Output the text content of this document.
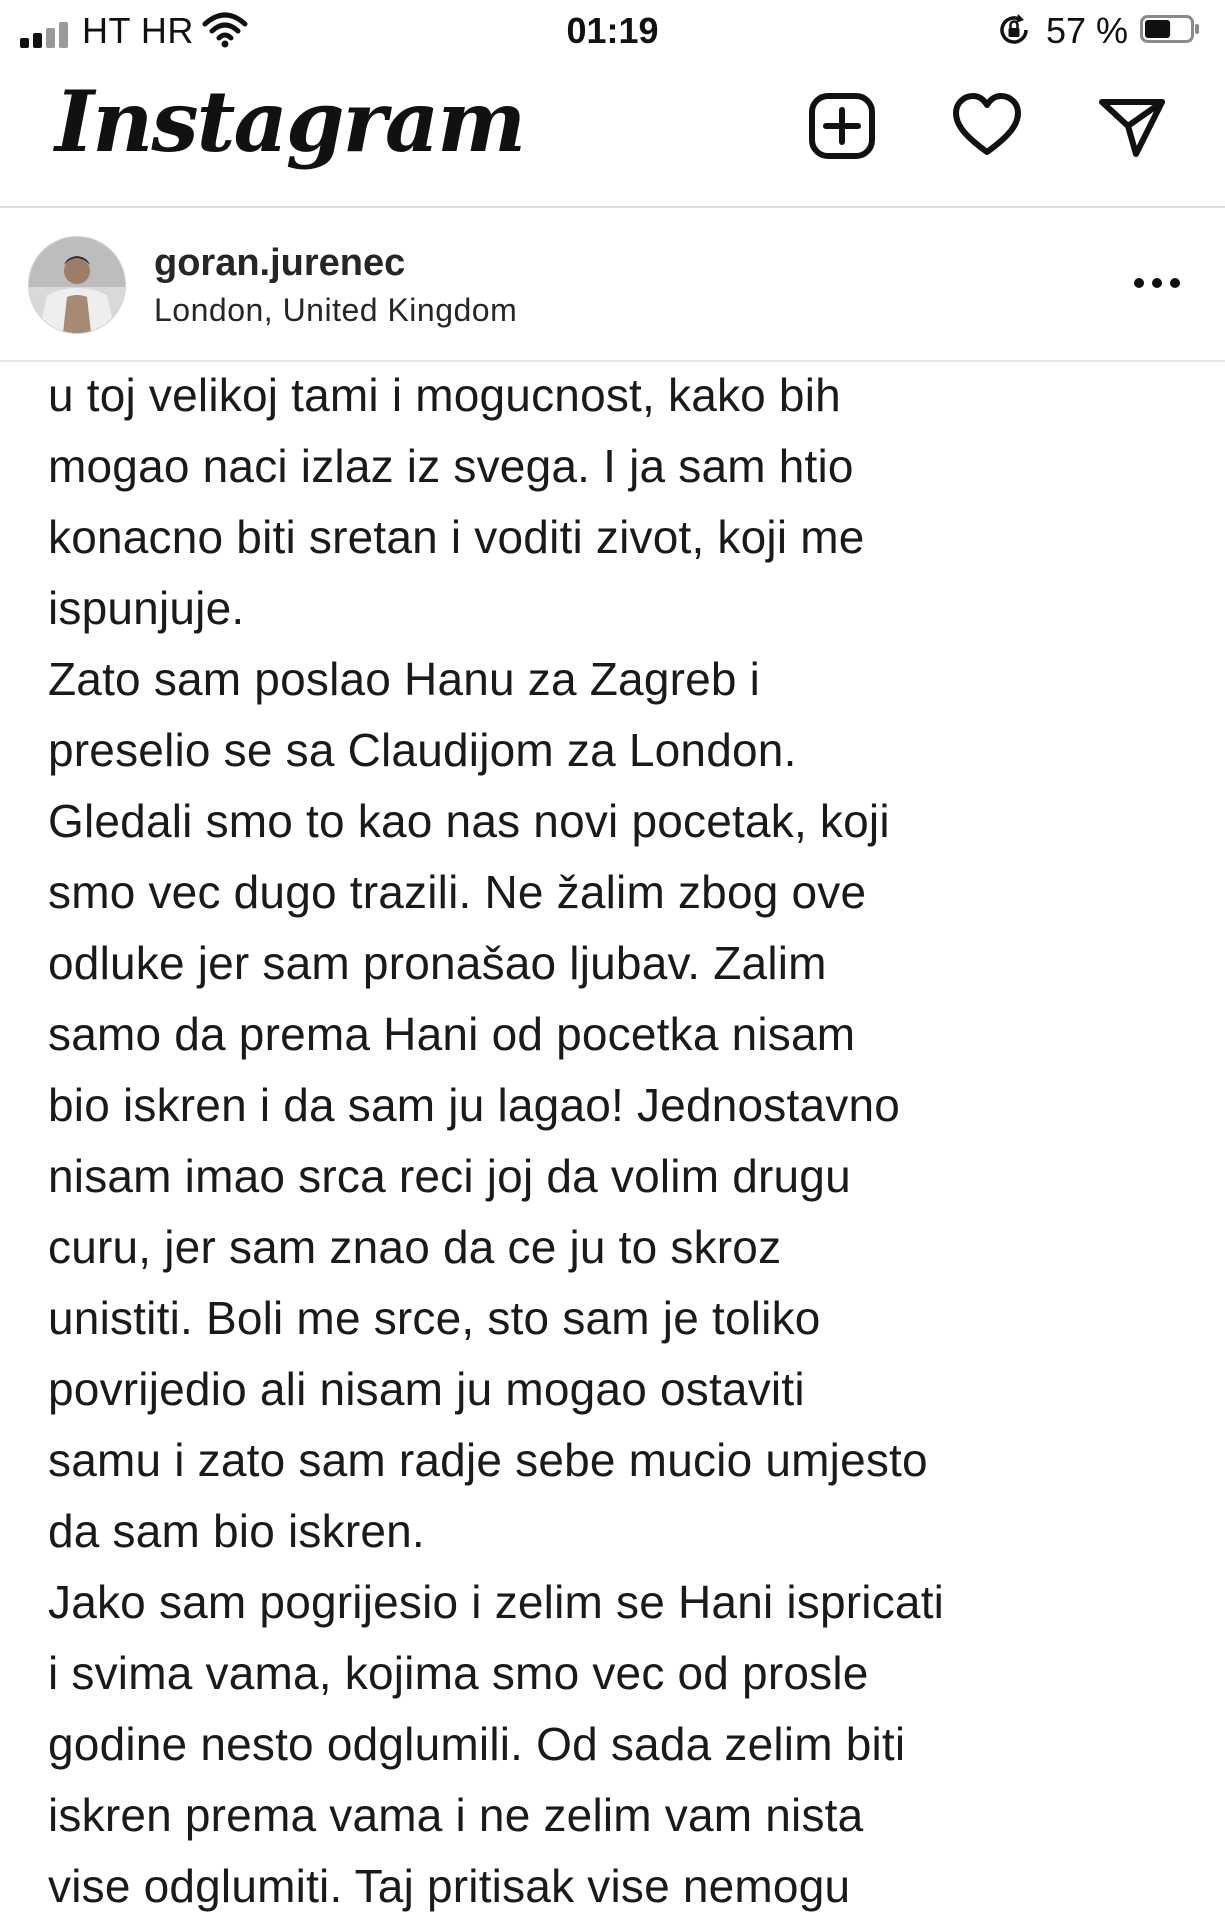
HT HR	01:19	57 %
Instagram
goran.jurenec
London, United Kingdom
u toj velikoj tami i mogucnost, kako bih
mogao naci izlaz iz svega. I ja sam htio
konacno biti sretan i voditi zivot, koji me
ispunjuje.
Zato sam poslao Hanu za Zagreb i
preselio se sa Claudijom za London.
Gledali smo to kao nas novi pocetak, koji
smo vec dugo trazili. Ne žalim zbog ove
odluke jer sam pronašao ljubav. Zalim
samo da prema Hani od pocetka nisam
bio iskren i da sam ju lagao! Jednostavno
nisam imao srca reci joj da volim drugu
curu, jer sam znao da ce ju to skroz
unistiti. Boli me srce, sto sam je toliko
povrijedio ali nisam ju mogao ostaviti
samu i zato sam radje sebe mucio umjesto
da sam bio iskren.
Jako sam pogrijesio i zelim se Hani ispricati
i svima vama, kojima smo vec od prosle
godine nesto odglumili. Od sada zelim biti
iskren prema vama i ne zelim vam nista
vise odglumiti. Taj pritisak vise nemogu
